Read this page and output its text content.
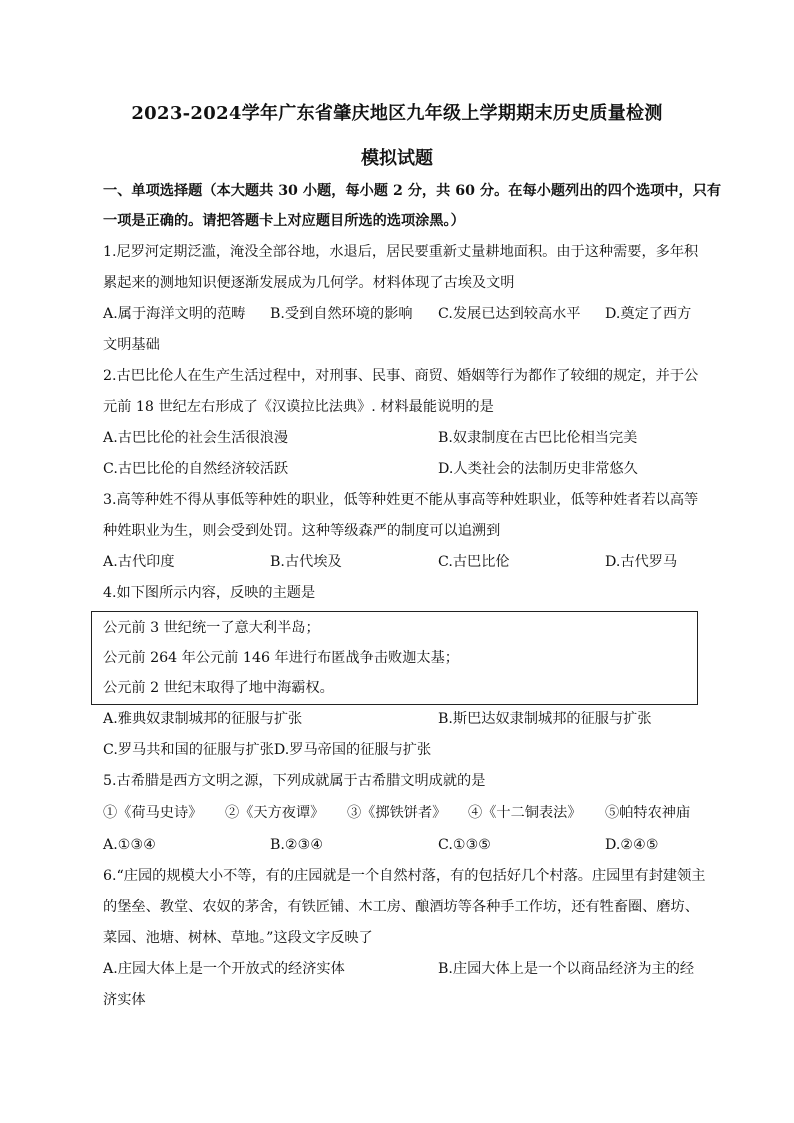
2023-2024学年广东省肇庆地区九年级上学期期末历史质量检测
模拟试题
一、单项选择题（本大题共 30 小题，每小题 2 分，共 60 分。在每小题列出的四个选项中，只有
一项是正确的。请把答题卡上对应题目所选的选项涂黑。）
1.尼罗河定期泛滥，淹没全部谷地，水退后，居民要重新丈量耕地面积。由于这种需要，多年积
累起来的测地知识便逐渐发展成为几何学。材料体现了古埃及文明
A.属于海洋文明的范畴 B.受到自然环境的影响 C.发展已达到较高水平 D.奠定了西方
文明基础
2.古巴比伦人在生产生活过程中，对刑事、民事、商贸、婚姻等行为都作了较细的规定，并于公
元前 18 世纪左右形成了《汉谟拉比法典》. 材料最能说明的是
A.古巴比伦的社会生活很浪漫	B.奴隶制度在古巴比伦相当完美
C.古巴比伦的自然经济较活跃	D.人类社会的法制历史非常悠久
3.高等种姓不得从事低等种姓的职业，低等种姓更不能从事高等种姓职业，低等种姓者若以高等
种姓职业为生，则会受到处罚。这种等级森严的制度可以追溯到
A.古代印度	B.古代埃及	C.古巴比伦	D.古代罗马
4.如下图所示内容，反映的主题是
公元前 3 世纪统一了意大利半岛；
公元前 264 年公元前 146 年进行布匿战争击败迦太基；
公元前 2 世纪末取得了地中海霸权。
A.雅典奴隶制城邦的征服与扩张	B.斯巴达奴隶制城邦的征服与扩张
C.罗马共和国的征服与扩张D.罗马帝国的征服与扩张
5.古希腊是西方文明之源，下列成就属于古希腊文明成就的是
①《荷马史诗》 ②《天方夜谭》 ③《掷铁饼者》 ④《十二铜表法》 ⑤帕特农神庙
A.①③④	B.②③④	C.①③⑤	D.②④⑤
6.“庄园的规模大小不等，有的庄园就是一个自然村落，有的包括好几个村落。庄园里有封建领主
的堡垒、教堂、农奴的茅舍，有铁匠铺、木工房、酿酒坊等各种手工作坊，还有牲畜圈、磨坊、
菜园、池塘、树林、草地。”这段文字反映了
A.庄园大体上是一个开放式的经济实体	B.庄园大体上是一个以商品经济为主的经
济实体
